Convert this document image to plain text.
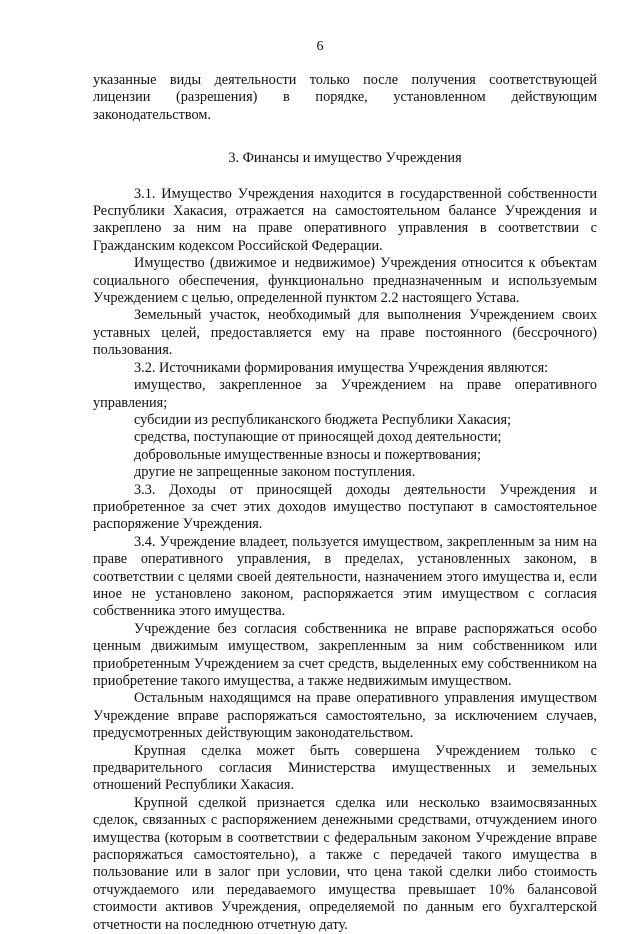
6

указанные виды деятельности только после получения соответствующей лицензии (разрешения) в порядке, установленном действующим законодательством.

3. Финансы и имущество Учреждения

3.1. Имущество Учреждения находится в государственной собственности Республики Хакасия, отражается на самостоятельном балансе Учреждения и закреплено за ним на праве оперативного управления в соответствии с Гражданским кодексом Российской Федерации.

Имущество (движимое и недвижимое) Учреждения относится к объектам социального обеспечения, функционально предназначенным и используемым Учреждением с целью, определенной пунктом 2.2 настоящего Устава.

Земельный участок, необходимый для выполнения Учреждением своих уставных целей, предоставляется ему на праве постоянного (бессрочного) пользования.

3.2. Источниками формирования имущества Учреждения являются:

имущество, закрепленное за Учреждением на праве оперативного управления;

субсидии из республиканского бюджета Республики Хакасия;

средства, поступающие от приносящей доход деятельности;

добровольные имущественные взносы и пожертвования;

другие не запрещенные законом поступления.

3.3. Доходы от приносящей доходы деятельности Учреждения и приобретенное за счет этих доходов имущество поступают в самостоятельное распоряжение Учреждения.

3.4. Учреждение владеет, пользуется имуществом, закрепленным за ним на праве оперативного управления, в пределах, установленных законом, в соответствии с целями своей деятельности, назначением этого имущества и, если иное не установлено законом, распоряжается этим имуществом с согласия собственника этого имущества.

Учреждение без согласия собственника не вправе распоряжаться особо ценным движимым имуществом, закрепленным за ним собственником или приобретенным Учреждением за счет средств, выделенных ему собственником на приобретение такого имущества, а также недвижимым имуществом.

Остальным находящимся на праве оперативного управления имуществом Учреждение вправе распоряжаться самостоятельно, за исключением случаев, предусмотренных действующим законодательством.

Крупная сделка может быть совершена Учреждением только с предварительного согласия Министерства имущественных и земельных отношений Республики Хакасия.

Крупной сделкой признается сделка или несколько взаимосвязанных сделок, связанных с распоряжением денежными средствами, отчуждением иного имущества (которым в соответствии с федеральным законом Учреждение вправе распоряжаться самостоятельно), а также с передачей такого имущества в пользование или в залог при условии, что цена такой сделки либо стоимость отчуждаемого или передаваемого имущества превышает 10% балансовой стоимости активов Учреждения, определяемой по данным его бухгалтерской отчетности на последнюю отчетную дату.
